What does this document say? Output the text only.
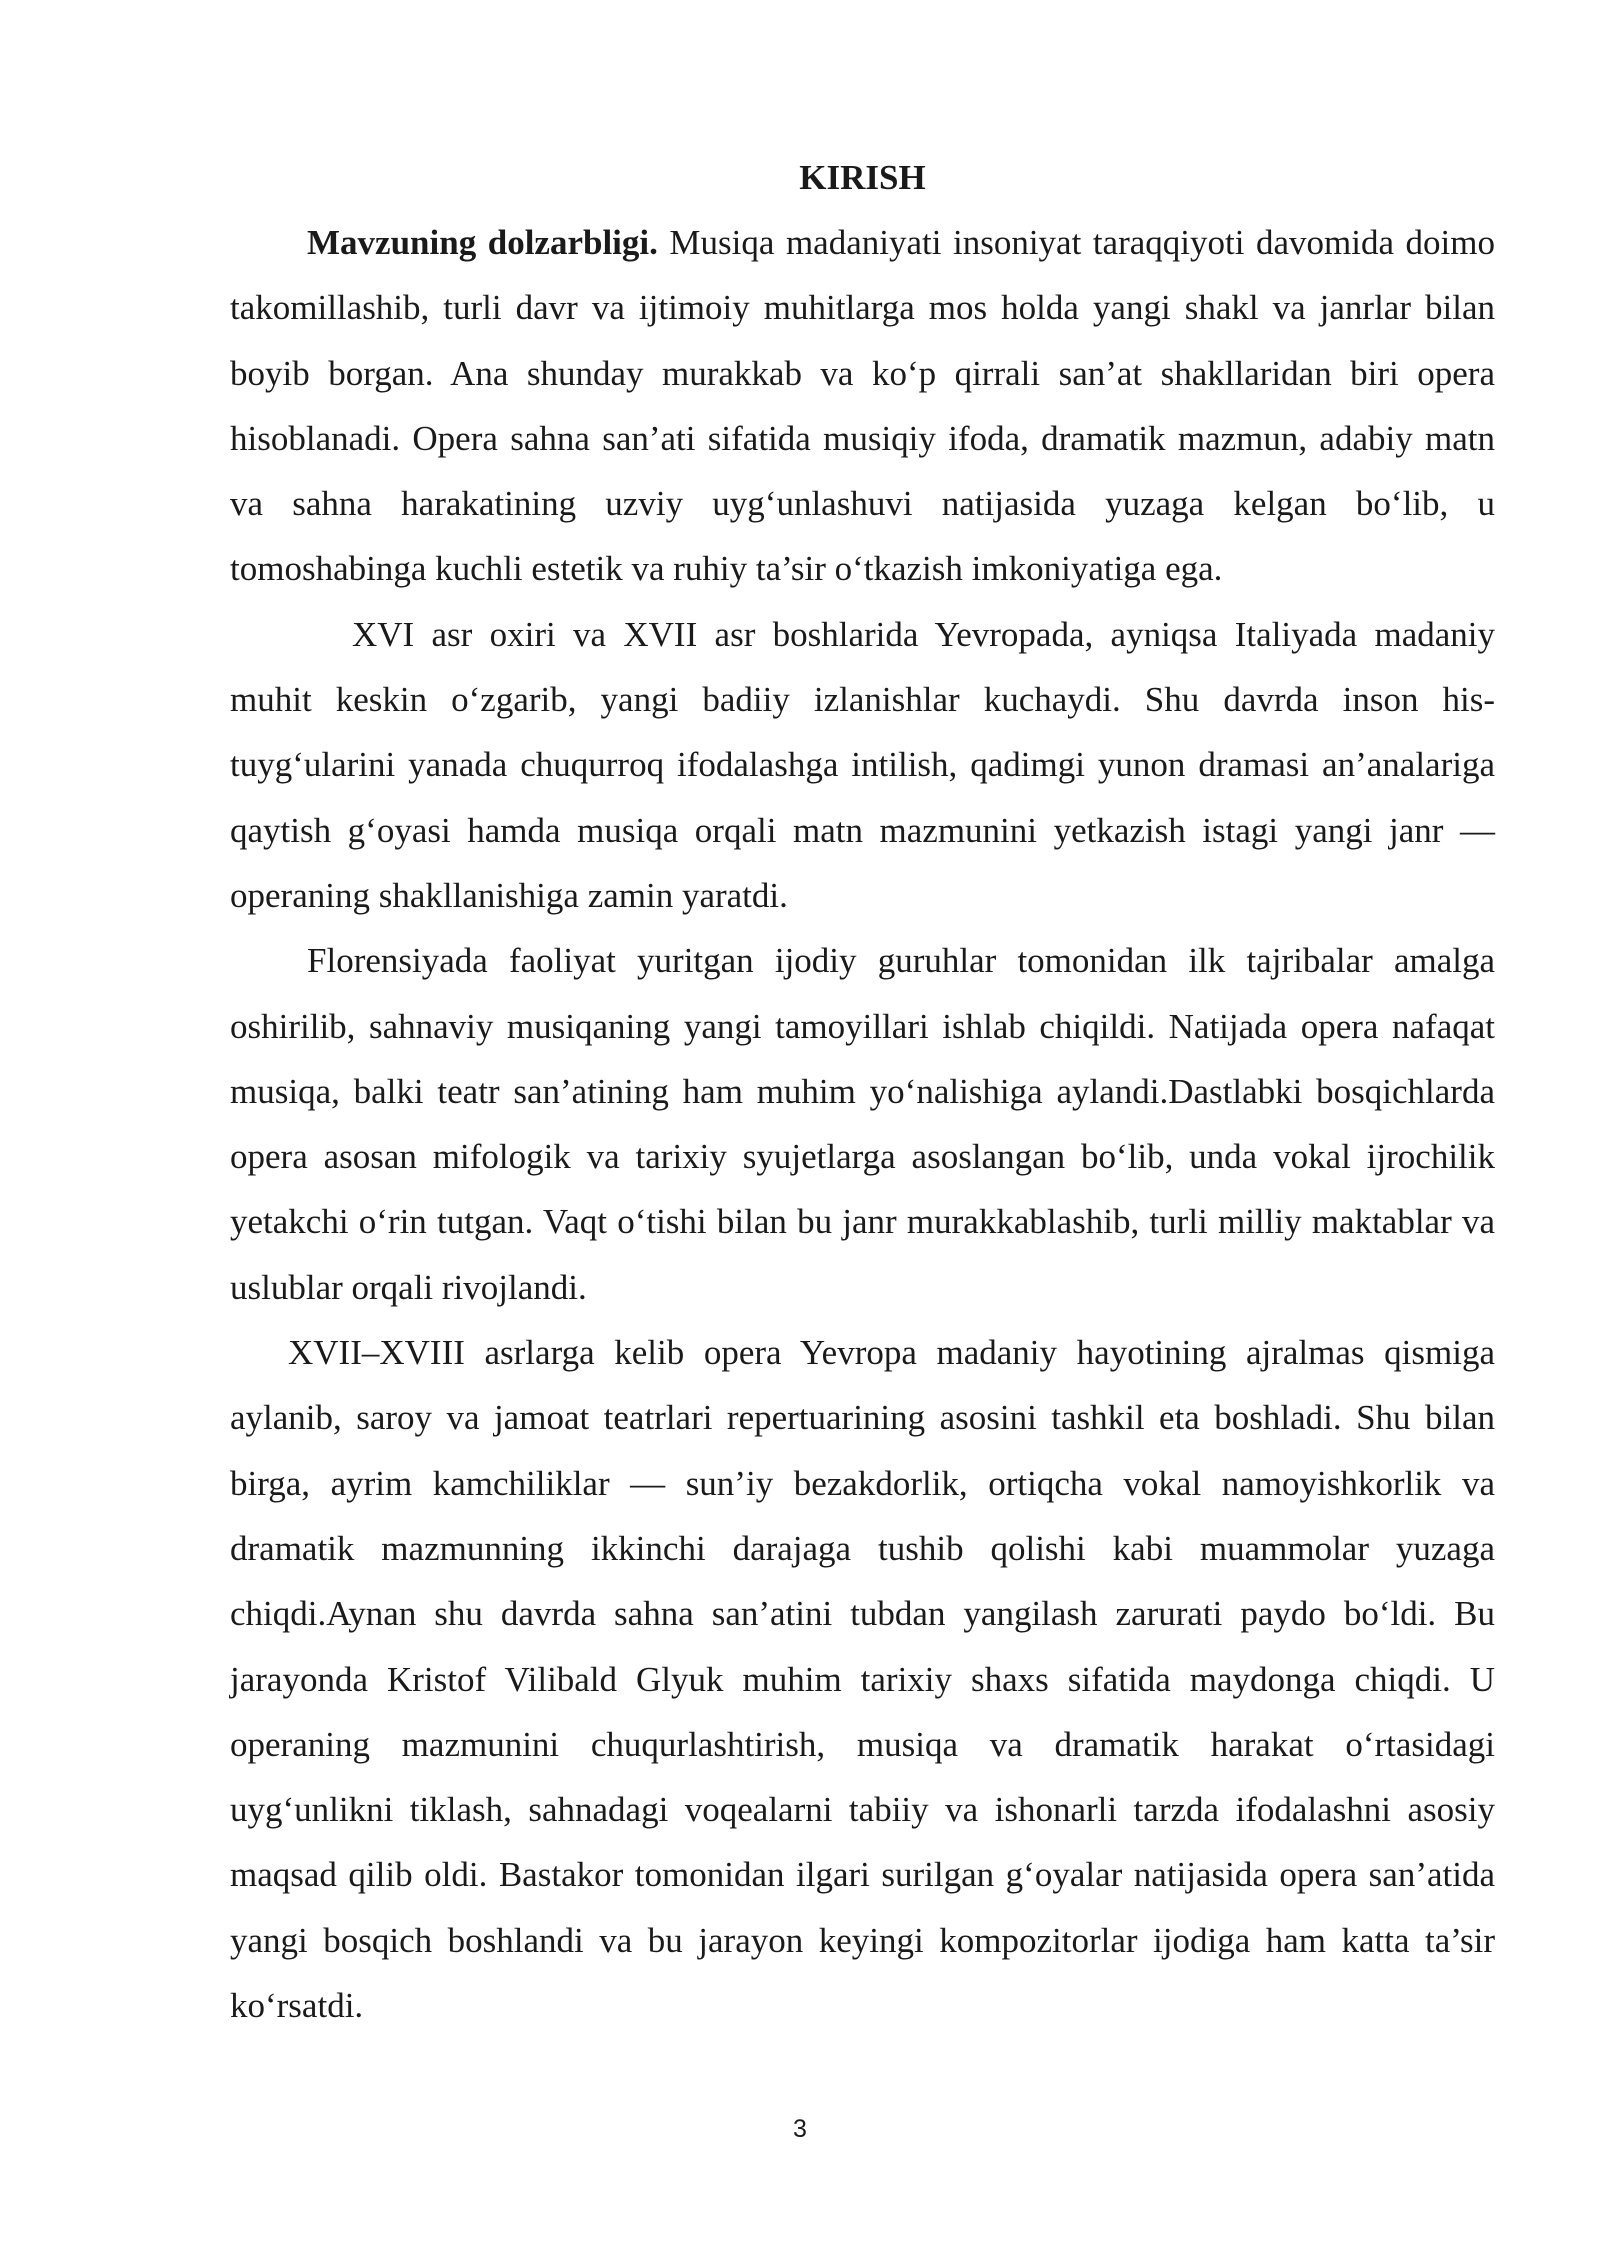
KIRISH

Mavzuning dolzarbligi. Musiqa madaniyati insoniyat taraqqiyoti davomida doimo takomillashib, turli davr va ijtimoiy muhitlarga mos holda yangi shakl va janrlar bilan boyib borgan. Ana shunday murakkab va ko‘p qirrali san’at shakllaridan biri opera hisoblanadi. Opera sahna san’ati sifatida musiqiy ifoda, dramatik mazmun, adabiy matn va sahna harakatining uzviy uyg‘unlashuvi natijasida yuzaga kelgan bo‘lib, u tomoshabinga kuchli estetik va ruhiy ta’sir o‘tkazish imkoniyatiga ega.

XVI asr oxiri va XVII asr boshlarida Yevropada, ayniqsa Italiyada madaniy muhit keskin o‘zgarib, yangi badiiy izlanishlar kuchaydi. Shu davrda inson his-tuyg‘ularini yanada chuqurroq ifodalashga intilish, qadimgi yunon dramasi an’analariga qaytish g‘oyasi hamda musiqa orqali matn mazmunini yetkazish istagi yangi janr — operaning shakllanishiga zamin yaratdi.

Florensiyada faoliyat yuritgan ijodiy guruhlar tomonidan ilk tajribalar amalga oshirilib, sahnaviy musiqaning yangi tamoyillari ishlab chiqildi. Natijada opera nafaqat musiqa, balki teatr san’atining ham muhim yo‘nalishiga aylandi.Dastlabki bosqichlarda opera asosan mifologik va tarixiy syujetlarga asoslangan bo‘lib, unda vokal ijrochilik yetakchi o‘rin tutgan. Vaqt o‘tishi bilan bu janr murakkablashib, turli milliy maktablar va uslublar orqali rivojlandi.

XVII–XVIII asrlarga kelib opera Yevropa madaniy hayotining ajralmas qismiga aylanib, saroy va jamoat teatrlari repertuarining asosini tashkil eta boshladi. Shu bilan birga, ayrim kamchiliklar — sun’iy bezakdorlik, ortiqcha vokal namoyishkorlik va dramatik mazmunning ikkinchi darajaga tushib qolishi kabi muammolar yuzaga chiqdi.Aynan shu davrda sahna san’atini tubdan yangilash zarurati paydo bo‘ldi. Bu jarayonda Kristof Vilibald Glyuk muhim tarixiy shaxs sifatida maydonga chiqdi. U operaning mazmunini chuqurlashtirish, musiqa va dramatik harakat o‘rtasidagi uyg‘unlikni tiklash, sahnadagi voqealarni tabiiy va ishonarli tarzda ifodalashni asosiy maqsad qilib oldi. Bastakor tomonidan ilgari surilgan g‘oyalar natijasida opera san’atida yangi bosqich boshlandi va bu jarayon keyingi kompozitorlar ijodiga ham katta ta’sir ko‘rsatdi.

3
